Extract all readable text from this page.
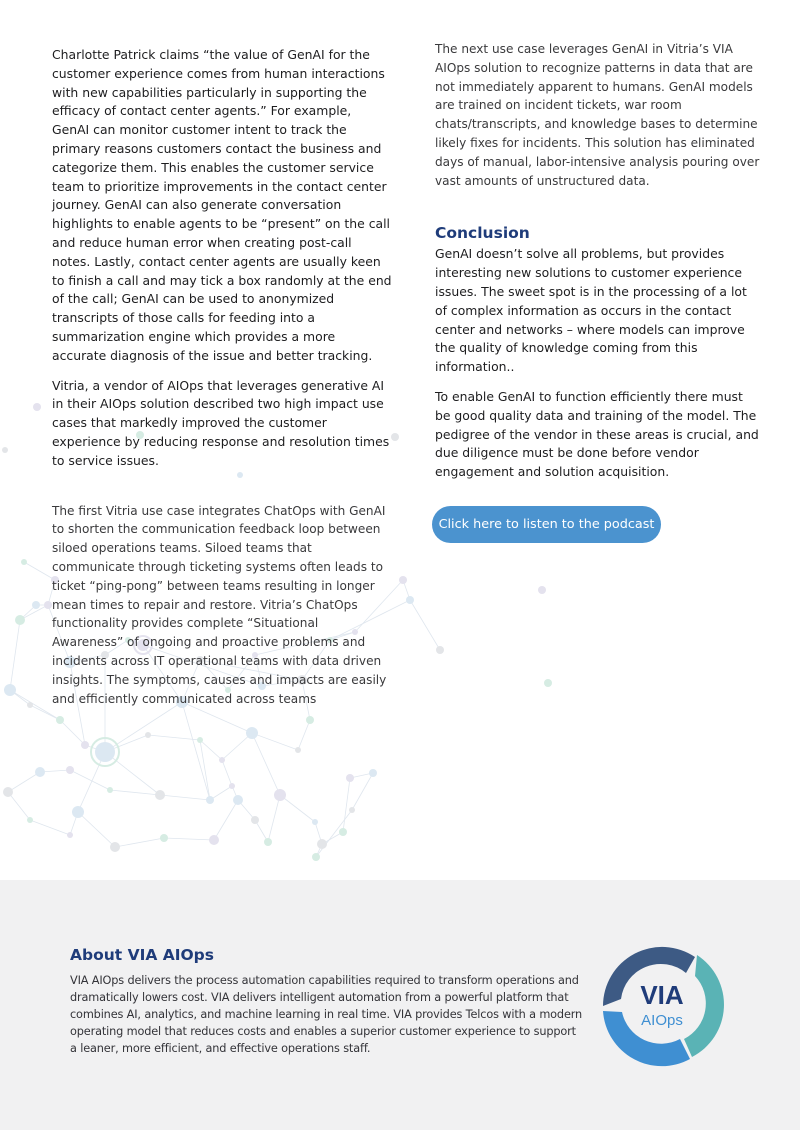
Charlotte Patrick claims “the value of GenAI for the customer experience comes from human interactions with new capabilities particularly in supporting the efficacy of contact center agents.” For example, GenAI can monitor customer intent to track the primary reasons customers contact the business and categorize them. This enables the customer service team to prioritize improvements in the contact center journey. GenAI can also generate conversation highlights to enable agents to be “present” on the call and reduce human error when creating post-call notes. Lastly, contact center agents are usually keen to finish a call and may tick a box randomly at the end of the call; GenAI can be used to anonymized transcripts of those calls for feeding into a summarization engine which provides a more accurate diagnosis of the issue and better tracking.

Vitria, a vendor of AIOps that leverages generative AI in their AIOps solution described two high impact use cases that markedly improved the customer experience by reducing response and resolution times to service issues.

The first Vitria use case integrates ChatOps with GenAI to shorten the communication feedback loop between siloed operations teams. Siloed teams that communicate through ticketing systems often leads to ticket “ping-pong” between teams resulting in longer mean times to repair and restore. Vitria’s ChatOps functionality provides complete “Situational Awareness” of ongoing and proactive problems and incidents across IT operational teams with data driven insights. The symptoms, causes and impacts are easily and efficiently communicated across teams

The next use case leverages GenAI in Vitria’s VIA AIOps solution to recognize patterns in data that are not immediately apparent to humans. GenAI models are trained on incident tickets, war room chats/transcripts, and knowledge bases to determine likely fixes for incidents. This solution has eliminated days of manual, labor-intensive analysis pouring over vast amounts of unstructured data.

Conclusion

GenAI doesn’t solve all problems, but provides interesting new solutions to customer experience issues. The sweet spot is in the processing of a lot of complex information as occurs in the contact center and networks – where models can improve the quality of knowledge coming from this information..

To enable GenAI to function efficiently there must be good quality data and training of the model. The pedigree of the vendor in these areas is crucial, and due diligence must be done before vendor engagement and solution acquisition.

Click here to listen to the podcast
About VIA AIOps
VIA AIOps delivers the process automation capabilities required to transform operations and dramatically lowers cost. VIA delivers intelligent automation from a powerful platform that combines AI, analytics, and machine learning in real time. VIA provides Telcos with a modern operating model that reduces costs and enables a superior customer experience to support a leaner, more efficient, and effective operations staff.
VIA
AIOps
